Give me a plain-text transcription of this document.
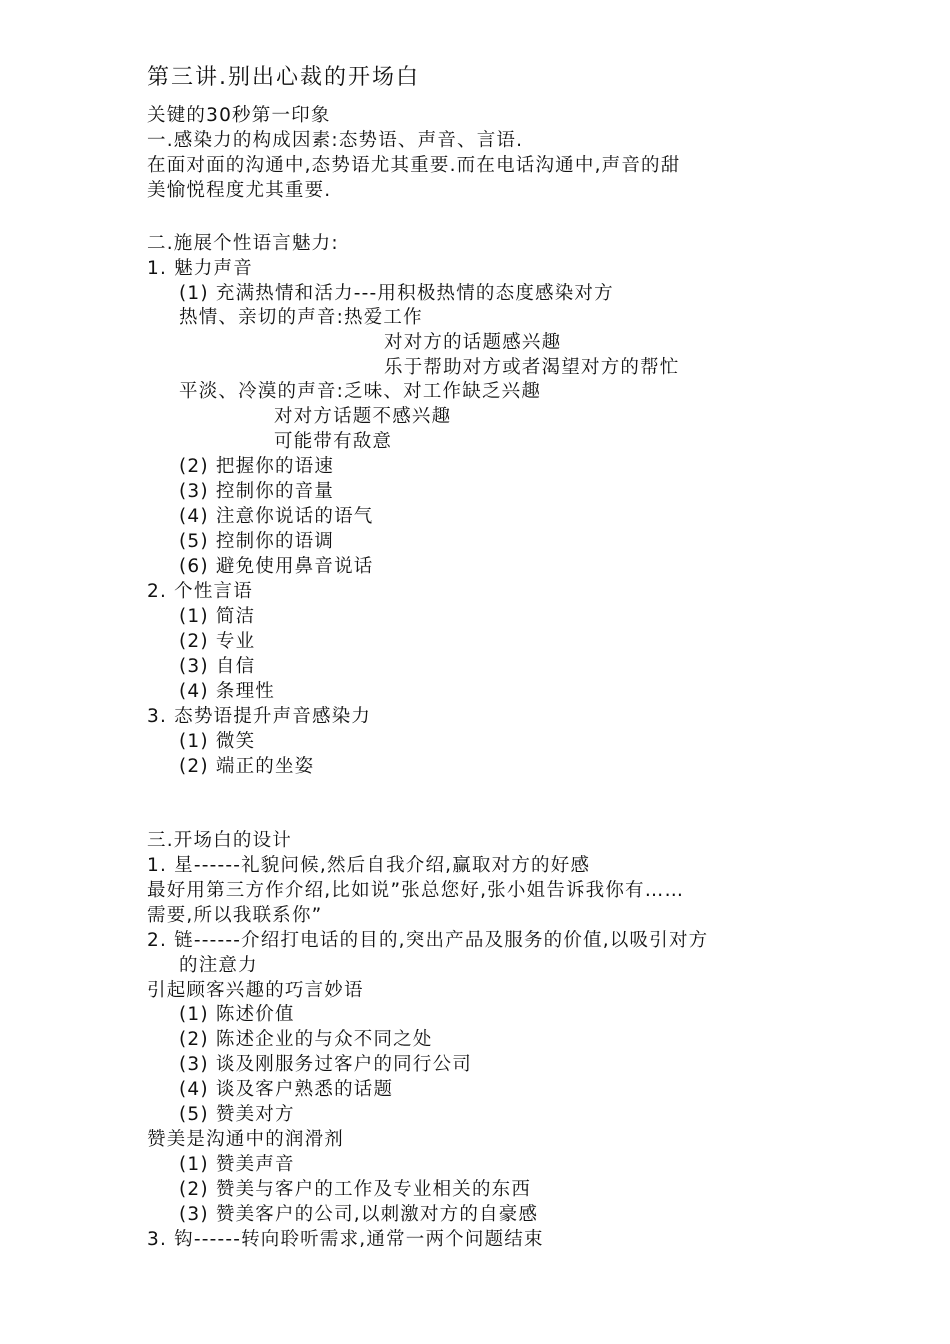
第三讲.别出心裁的开场白
关键的30秒第一印象
一.感染力的构成因素:态势语、声音、言语.
在面对面的沟通中,态势语尤其重要.而在电话沟通中,声音的甜
美愉悦程度尤其重要.
二.施展个性语言魅力:
1. 魅力声音
(1) 充满热情和活力---用积极热情的态度感染对方
热情、亲切的声音:热爱工作
对对方的话题感兴趣
乐于帮助对方或者渴望对方的帮忙
平淡、冷漠的声音:乏味、对工作缺乏兴趣
对对方话题不感兴趣
可能带有敌意
(2) 把握你的语速
(3) 控制你的音量
(4) 注意你说话的语气
(5) 控制你的语调
(6) 避免使用鼻音说话
2. 个性言语
(1) 简洁
(2) 专业
(3) 自信
(4) 条理性
3. 态势语提升声音感染力
(1) 微笑
(2) 端正的坐姿
三.开场白的设计
1. 星------礼貌问候,然后自我介绍,赢取对方的好感
最好用第三方作介绍,比如说”张总您好,张小姐告诉我你有……
需要,所以我联系你”
2. 链------介绍打电话的目的,突出产品及服务的价值,以吸引对方
的注意力
引起顾客兴趣的巧言妙语
(1) 陈述价值
(2) 陈述企业的与众不同之处
(3) 谈及刚服务过客户的同行公司
(4) 谈及客户熟悉的话题
(5) 赞美对方
赞美是沟通中的润滑剂
(1) 赞美声音
(2) 赞美与客户的工作及专业相关的东西
(3) 赞美客户的公司,以刺激对方的自豪感
3. 钩------转向聆听需求,通常一两个问题结束
